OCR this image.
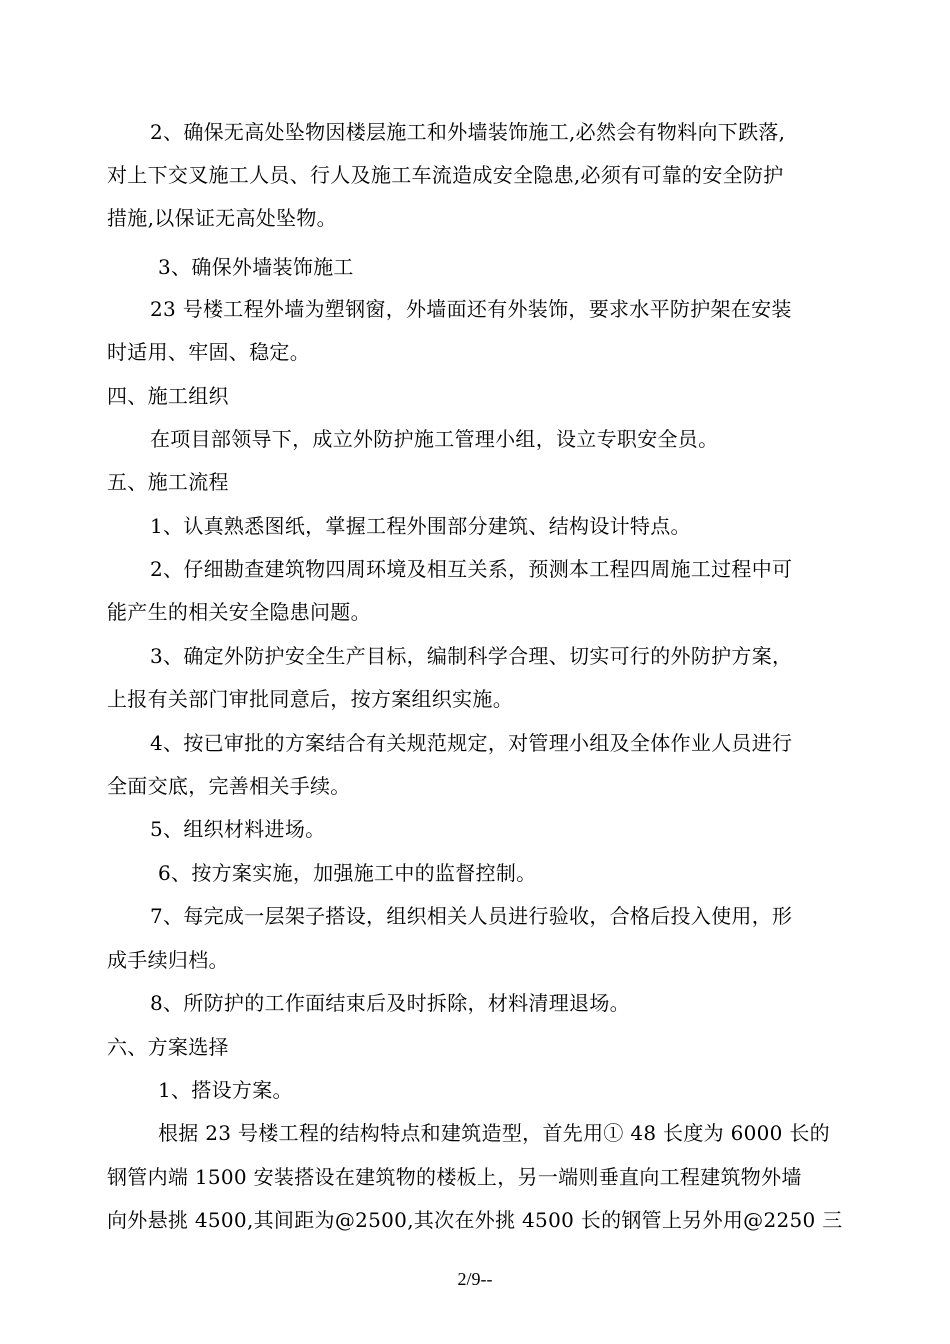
2、确保无高处坠物因楼层施工和外墙装饰施工,必然会有物料向下跌落,
对上下交叉施工人员、行人及施工车流造成安全隐患,必须有可靠的安全防护
措施,以保证无高处坠物。
3、确保外墙装饰施工
23 号楼工程外墙为塑钢窗，外墙面还有外装饰，要求水平防护架在安装
时适用、牢固、稳定。
四、施工组织
在项目部领导下，成立外防护施工管理小组，设立专职安全员。
五、施工流程
1、认真熟悉图纸，掌握工程外围部分建筑、结构设计特点。
2、仔细勘查建筑物四周环境及相互关系，预测本工程四周施工过程中可
能产生的相关安全隐患问题。
3、确定外防护安全生产目标，编制科学合理、切实可行的外防护方案，
上报有关部门审批同意后，按方案组织实施。
4、按已审批的方案结合有关规范规定，对管理小组及全体作业人员进行
全面交底，完善相关手续。
5、组织材料进场。
6、按方案实施，加强施工中的监督控制。
7、每完成一层架子搭设，组织相关人员进行验收，合格后投入使用，形
成手续归档。
8、所防护的工作面结束后及时拆除，材料清理退场。
六、方案选择
1、搭设方案。
根据 23 号楼工程的结构特点和建筑造型，首先用① 48 长度为 6000 长的
钢管内端 1500 安装搭设在建筑物的楼板上，另一端则垂直向工程建筑物外墙
向外悬挑 4500,其间距为@2500,其次在外挑 4500 长的钢管上另外用@2250 三
2/9--
